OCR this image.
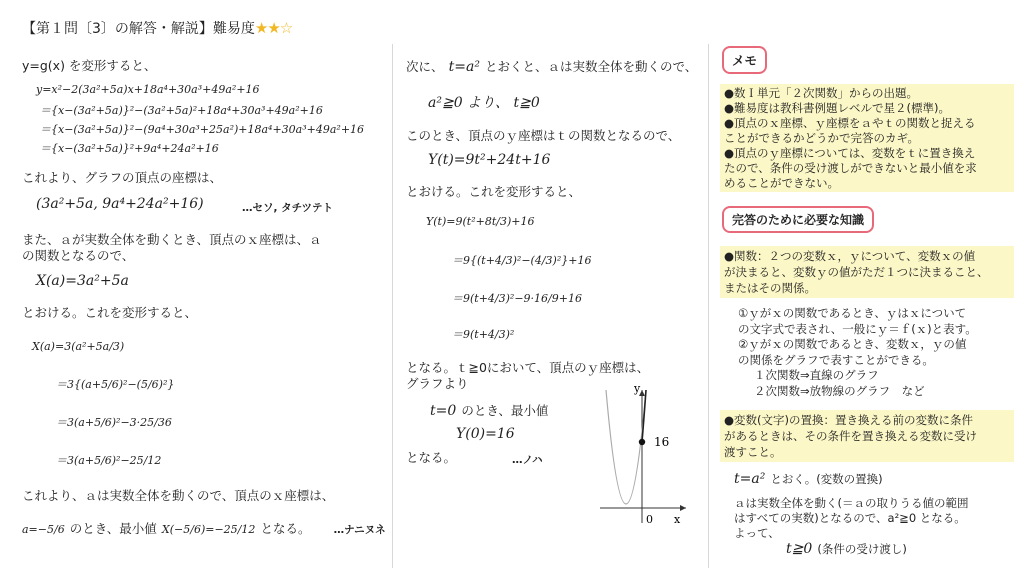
【第１問〔3〕の解答・解説】難易度★★☆
y=g(x) を変形すると、
y=x²−2(3a²+5a)x+18a⁴+30a³+49a²+16
＝{x−(3a²+5a)}²−(3a²+5a)²+18a⁴+30a³+49a²+16
＝{x−(3a²+5a)}²−(9a⁴+30a³+25a²)+18a⁴+30a³+49a²+16
＝{x−(3a²+5a)}²+9a⁴+24a²+16
これより、グラフの頂点の座標は、
(3a²+5a, 9a⁴+24a²+16)	…セソ, タチツテト
また、ａが実数全体を動くとき、頂点のｘ座標は、ａ
の関数となるので、
X(a)=3a²+5a
とおける。これを変形すると、
X(a)=3(a²+5a/3)
＝3{(a+5/6)²−(5/6)²}
＝3(a+5/6)²−3·25/36
＝3(a+5/6)²−25/12
これより、ａは実数全体を動くので、頂点のｘ座標は、
a=−5/6 のとき、最小値 X(−5/6)=−25/12 となる。 …ナニヌネ
次に、 t=a² とおくと、ａは実数全体を動くので、
a²≧0 より、 t≧0
このとき、頂点のｙ座標はｔの関数となるので、
Y(t)=9t²+24t+16
とおける。これを変形すると、
Y(t)=9(t²+8t/3)+16
＝9{(t+4/3)²−(4/3)²}+16
＝9(t+4/3)²−9·16/9+16
＝9(t+4/3)²
となる。ｔ≧0において、頂点のｙ座標は、
グラフより
t=0 のとき、最小値
Y(0)=16
となる。	…ノハ
y
x
0
16
メモ
●数Ｉ単元「２次関数」からの出題。
●難易度は教科書例題レベルで星２(標準)。
●頂点のｘ座標、ｙ座標をａやｔの関数と捉える
ことができるかどうかで完答のカギ。
●頂点のｙ座標については、変数をｔに置き換え
たので、条件の受け渡しができないと最小値を求
めることができない。
完答のために必要な知識
●関数：２つの変数ｘ，ｙについて、変数ｘの値
が決まると、変数ｙの値がただ１つに決まること、
またはその関係。
①ｙがｘの関数であるとき、ｙはｘについて
の文字式で表され、一般にｙ＝ｆ(ｘ)と表す。
②ｙがｘの関数であるとき、変数ｘ，ｙの値
の関係をグラフで表すことができる。
１次関数⇒直線のグラフ
２次関数⇒放物線のグラフ　など
●変数(文字)の置換：置き換える前の変数に条件
があるときは、その条件を置き換える変数に受け
渡すこと。
t=a² とおく。(変数の置換)
ａは実数全体を動く(＝ａの取りうる値の範囲
はすべての実数)となるので、a²≧0 となる。
よって、
t≧0 (条件の受け渡し)
